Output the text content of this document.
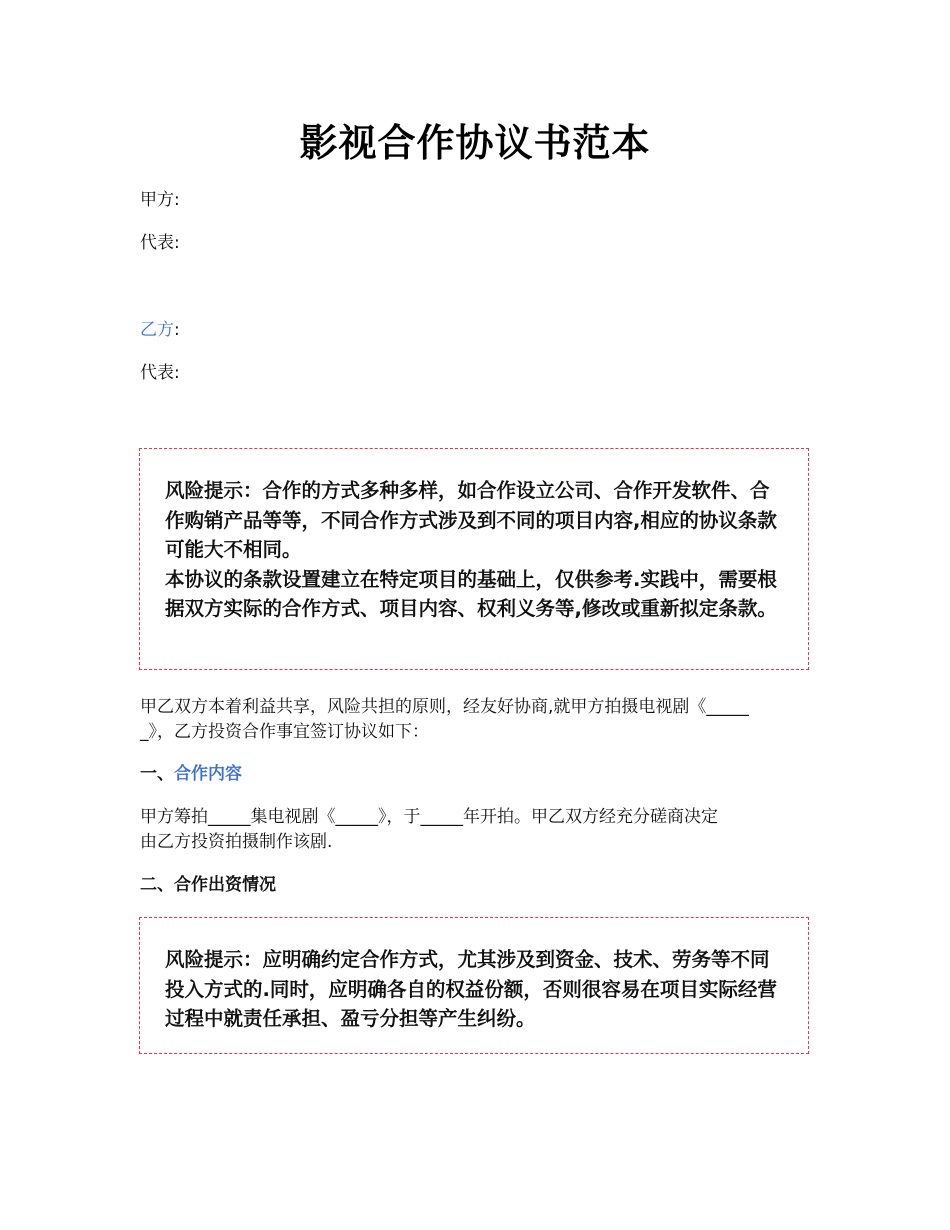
影视合作协议书范本
甲方:
代表:
乙方:
代表:
风险提示：合作的方式多种多样，如合作设立公司、合作开发软件、合作购销产品等等，不同合作方式涉及到不同的项目内容,相应的协议条款可能大不相同。
本协议的条款设置建立在特定项目的基础上，仅供参考.实践中，需要根据双方实际的合作方式、项目内容、权利义务等,修改或重新拟定条款。
甲乙双方本着利益共享，风险共担的原则，经友好协商,就甲方拍摄电视剧《_____
_》，乙方投资合作事宜签订协议如下：
一、合作内容
甲方筹拍_____集电视剧《_____》，于_____年开拍。甲乙双方经充分磋商决定
由乙方投资拍摄制作该剧.
二、合作出资情况
风险提示：应明确约定合作方式，尤其涉及到资金、技术、劳务等不同投入方式的.同时，应明确各自的权益份额，否则很容易在项目实际经营过程中就责任承担、盈亏分担等产生纠纷。
